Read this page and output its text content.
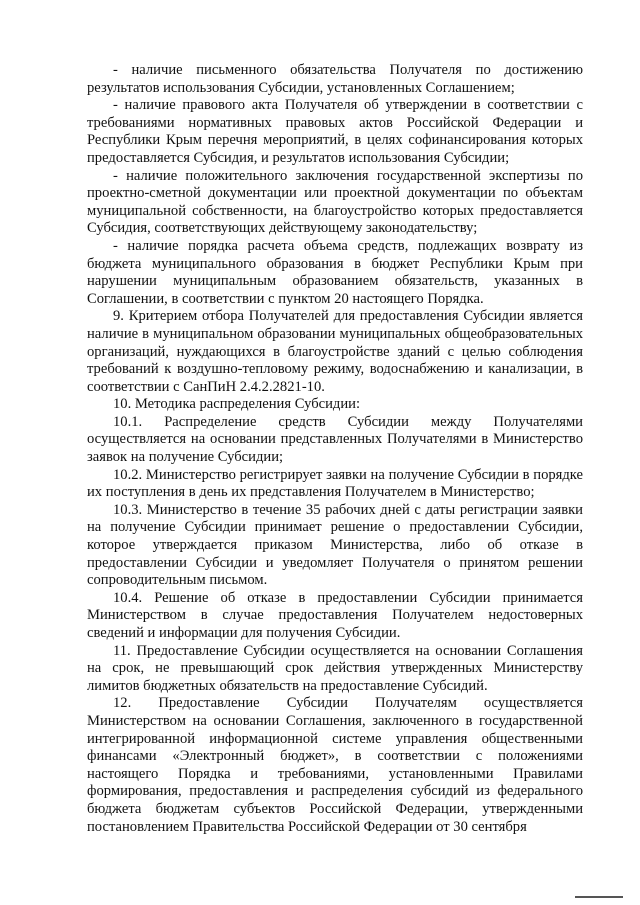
- наличие письменного обязательства Получателя по достижению результатов использования Субсидии, установленных Соглашением;

- наличие правового акта Получателя об утверждении в соответствии с требованиями нормативных правовых актов Российской Федерации и Республики Крым перечня мероприятий, в целях софинансирования которых предоставляется Субсидия, и результатов использования Субсидии;

- наличие положительного заключения государственной экспертизы по проектно-сметной документации или проектной документации по объектам муниципальной собственности, на благоустройство которых предоставляется Субсидия, соответствующих действующему законодательству;

- наличие порядка расчета объема средств, подлежащих возврату из бюджета муниципального образования в бюджет Республики Крым при нарушении муниципальным образованием обязательств, указанных в Соглашении, в соответствии с пунктом 20 настоящего Порядка.

9. Критерием отбора Получателей для предоставления Субсидии является наличие в муниципальном образовании муниципальных общеобразовательных организаций, нуждающихся в благоустройстве зданий с целью соблюдения требований к воздушно-тепловому режиму, водоснабжению и канализации, в соответствии с СанПиН 2.4.2.2821-10.

10. Методика распределения Субсидии:

10.1. Распределение средств Субсидии между Получателями осуществляется на основании представленных Получателями в Министерство заявок на получение Субсидии;

10.2. Министерство регистрирует заявки на получение Субсидии в порядке их поступления в день их представления Получателем в Министерство;

10.3. Министерство в течение 35 рабочих дней с даты регистрации заявки на получение Субсидии принимает решение о предоставлении Субсидии, которое утверждается приказом Министерства, либо об отказе в предоставлении Субсидии и уведомляет Получателя о принятом решении сопроводительным письмом.

10.4. Решение об отказе в предоставлении Субсидии принимается Министерством в случае предоставления Получателем недостоверных сведений и информации для получения Субсидии.

11. Предоставление Субсидии осуществляется на основании Соглашения на срок, не превышающий срок действия утвержденных Министерству лимитов бюджетных обязательств на предоставление Субсидий.

12. Предоставление Субсидии Получателям осуществляется Министерством на основании Соглашения, заключенного в государственной интегрированной информационной системе управления общественными финансами «Электронный бюджет», в соответствии с положениями настоящего Порядка и требованиями, установленными Правилами формирования, предоставления и распределения субсидий из федерального бюджета бюджетам субъектов Российской Федерации, утвержденными постановлением Правительства Российской Федерации от 30 сентября
